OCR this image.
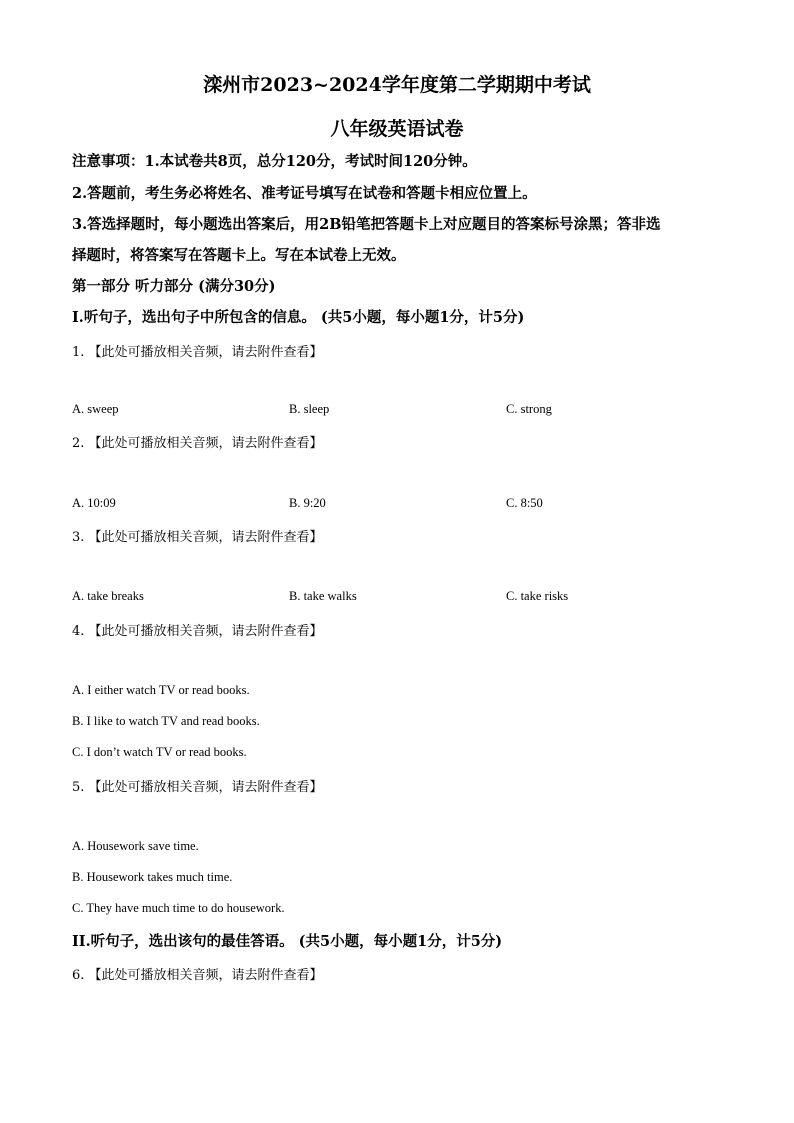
滦州市2023~2024学年度第二学期期中考试
八年级英语试卷
注意事项：1.本试卷共8页，总分120分，考试时间120分钟。
2.答题前，考生务必将姓名、准考证号填写在试卷和答题卡相应位置上。
3.答选择题时，每小题选出答案后，用2B铅笔把答题卡上对应题目的答案标号涂黑；答非选
择题时，将答案写在答题卡上。写在本试卷上无效。
第一部分 听力部分 (满分30分)
Ⅰ.听句子，选出句子中所包含的信息。 (共5小题，每小题1分，计5分)
1. 【此处可播放相关音频，请去附件查看】
A. sweep	B. sleep	C. strong
2. 【此处可播放相关音频，请去附件查看】
A. 10:09	B. 9:20	C. 8:50
3. 【此处可播放相关音频，请去附件查看】
A. take breaks	B. take walks	C. take risks
4. 【此处可播放相关音频，请去附件查看】
A. I either watch TV or read books.
B. I like to watch TV and read books.
C. I don’t watch TV or read books.
5. 【此处可播放相关音频，请去附件查看】
A. Housework save time.
B. Housework takes much time.
C. They have much time to do housework.
II.听句子，选出该句的最佳答语。 (共5小题，每小题1分，计5分)
6. 【此处可播放相关音频，请去附件查看】
